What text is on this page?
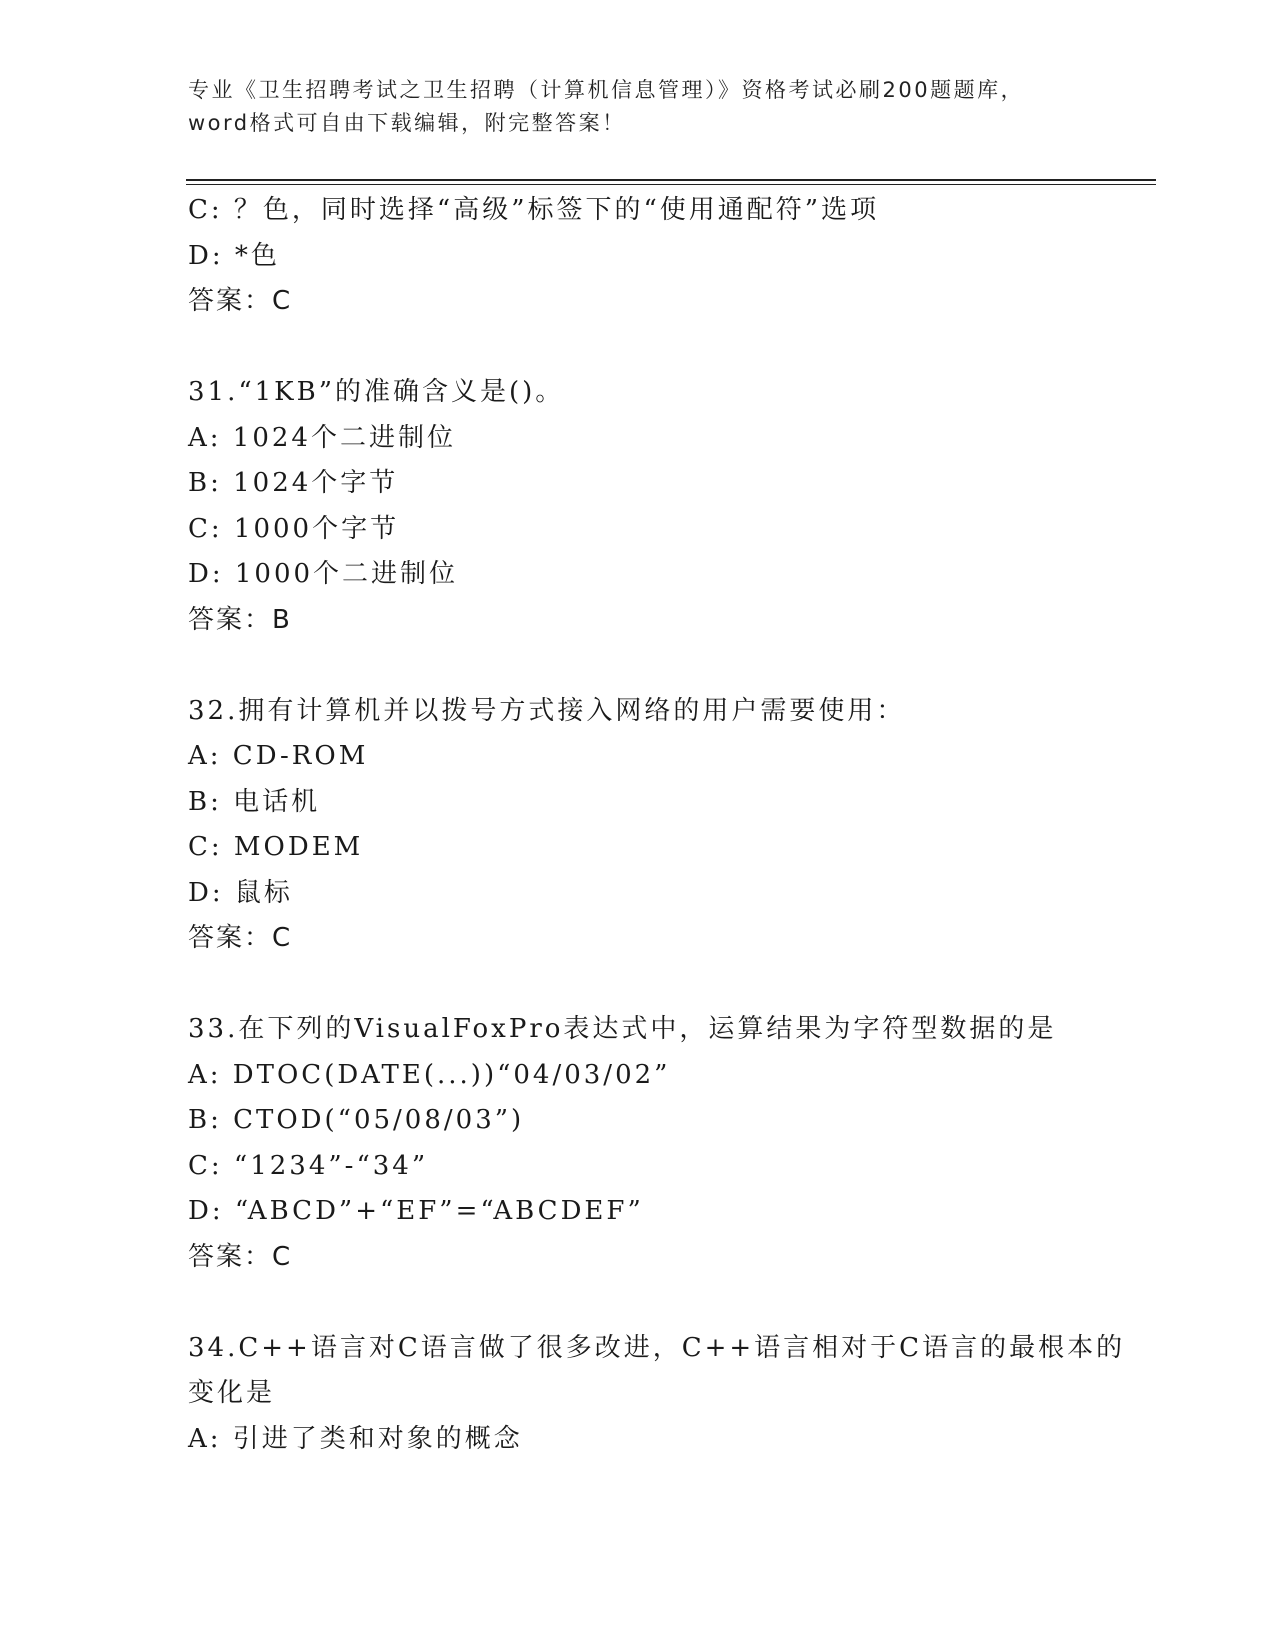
专业《卫生招聘考试之卫生招聘（计算机信息管理）》资格考试必刷200题题库，
word格式可自由下载编辑，附完整答案！
C: ？色，同时选择“高级”标签下的“使用通配符”选项
D: *色
答案：C
31.“1KB”的准确含义是()。
A: 1024个二进制位
B: 1024个字节
C: 1000个字节
D: 1000个二进制位
答案：B
32.拥有计算机并以拨号方式接入网络的用户需要使用：
A: CD-ROM
B: 电话机
C: MODEM
D: 鼠标
答案：C
33.在下列的VisualFoxPro表达式中，运算结果为字符型数据的是
A: DTOC(DATE(...))“04/03/02”
B: CTOD(“05/08/03”)
C: “1234”-“34”
D: “ABCD”+“EF”=“ABCDEF”
答案：C
34.C++语言对C语言做了很多改进，C++语言相对于C语言的最根本的
变化是
A: 引进了类和对象的概念
